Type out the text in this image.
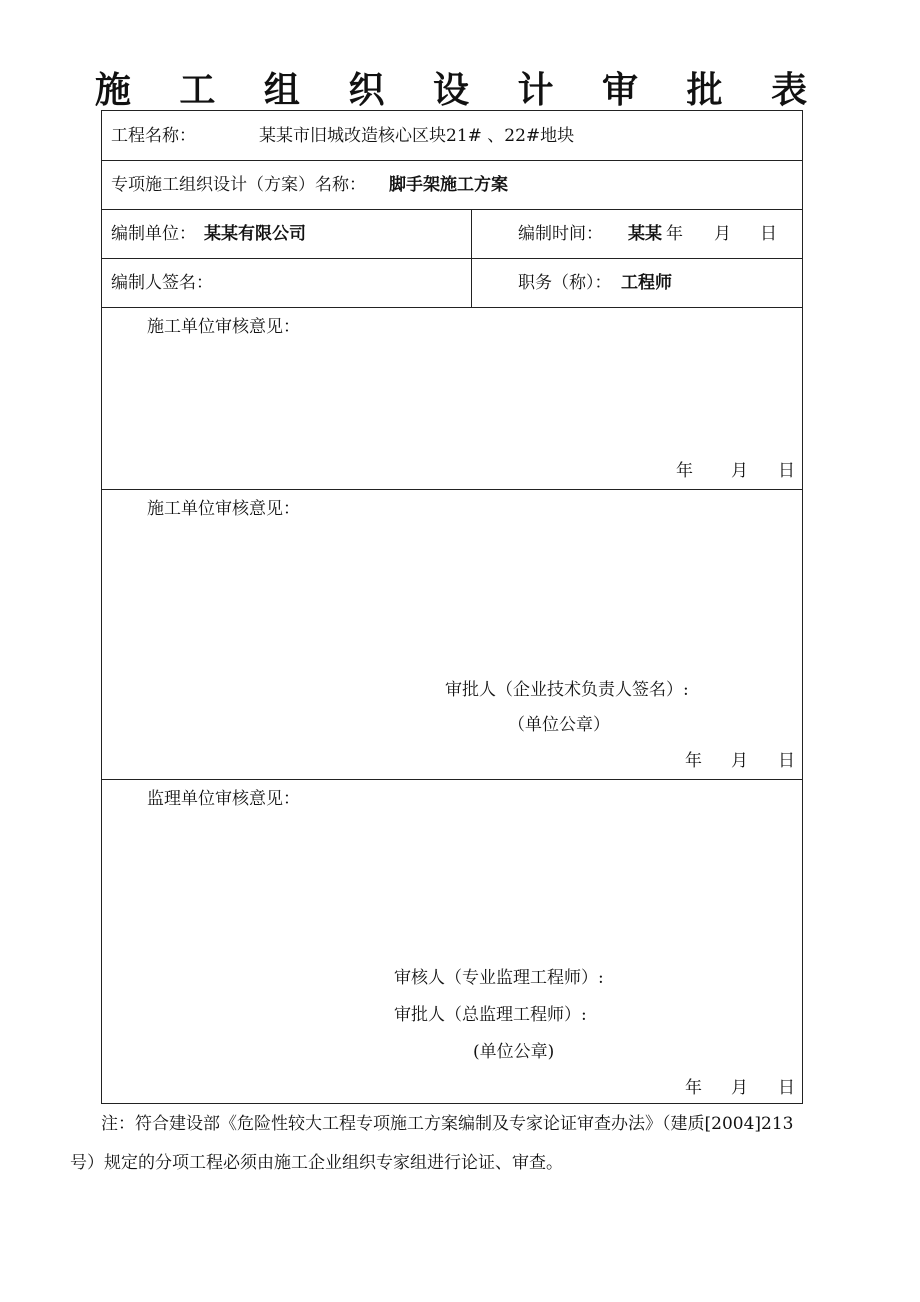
施 工 组 织 设 计 审 批 表
工程名称：	某某市旧城改造核心区块21# 、22#地块
专项施工组织设计（方案）名称： 脚手架施工方案
编制单位： 某某有限公司	编制时间： 某某 年 月 日
编制人签名：	职务（称）： 工程师
施工单位审核意见：
年 月 日
施工单位审核意见：
审批人（企业技术负责人签名）:
（单位公章）
年 月 日
监理单位审核意见：
审核人（专业监理工程师）:
审批人（总监理工程师）:
(单位公章)
年 月 日
注：符合建设部《危险性较大工程专项施工方案编制及专家论证审查办法》（建质[2004]213
号）规定的分项工程必须由施工企业组织专家组进行论证、审查。
